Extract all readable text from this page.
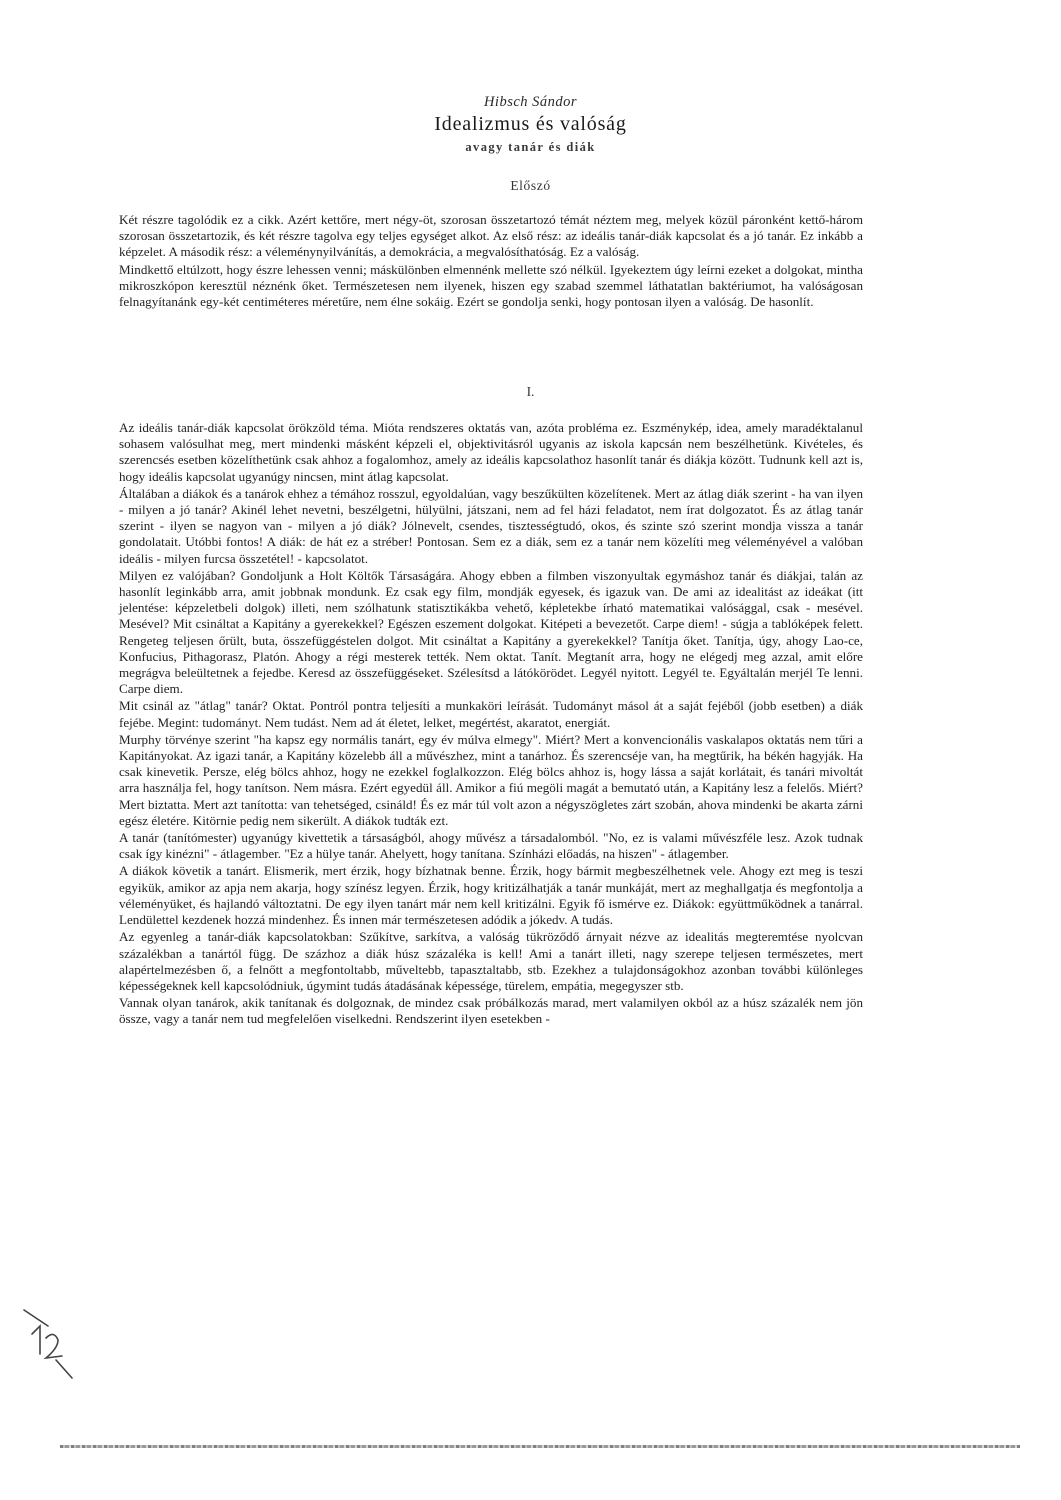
Hibsch Sándor
Idealizmus és valóság
avagy tanár és diák
Előszó

Két részre tagolódik ez a cikk. Azért kettőre, mert négy-öt, szorosan összetartozó témát néztem meg, melyek közül páronként kettő-három szorosan összetartozik, és két részre tagolva egy teljes egységet alkot. Az első rész: az ideális tanár-diák kapcsolat és a jó tanár. Ez inkább a képzelet. A második rész: a véleménynyilvánítás, a demokrácia, a megvalósíthatóság. Ez a valóság.

Mindkettő eltúlzott, hogy észre lehessen venni; máskülönben elmennénk mellette szó nélkül. Igyekeztem úgy leírni ezeket a dolgokat, mintha mikroszkópon keresztül néznénk őket. Természetesen nem ilyenek, hiszen egy szabad szemmel láthatatlan baktériumot, ha valóságosan felnagyítanánk egy-két centiméteres méretűre, nem élne sokáig. Ezért se gondolja senki, hogy pontosan ilyen a valóság. De hasonlít.

I.

Az ideális tanár-diák kapcsolat örökzöld téma. Mióta rendszeres oktatás van, azóta probléma ez. Eszménykép, idea, amely maradéktalanul sohasem valósulhat meg, mert mindenki másként képzeli el, objektivitásról ugyanis az iskola kapcsán nem beszélhetünk. Kivételes, és szerencsés esetben közelíthetünk csak ahhoz a fogalomhoz, amely az ideális kapcsolathoz hasonlít tanár és diákja között. Tudnunk kell azt is, hogy ideális kapcsolat ugyanúgy nincsen, mint átlag kapcsolat.

Általában a diákok és a tanárok ehhez a témához rosszul, egyoldalúan, vagy beszűkülten közelítenek. Mert az átlag diák szerint - ha van ilyen - milyen a jó tanár? Akinél lehet nevetni, beszélgetni, hülyülni, játszani, nem ad fel házi feladatot, nem írat dolgozatot. És az átlag tanár szerint - ilyen se nagyon van - milyen a jó diák? Jólnevelt, csendes, tisztességtudó, okos, és szinte szó szerint mondja vissza a tanár gondolatait. Utóbbi fontos! A diák: de hát ez a stréber! Pontosan. Sem ez a diák, sem ez a tanár nem közelíti meg véleményével a valóban ideális - milyen furcsa összetétel! - kapcsolatot.

Milyen ez valójában? Gondoljunk a Holt Költők Társaságára. Ahogy ebben a filmben viszonyultak egymáshoz tanár és diákjai, talán az hasonlít leginkább arra, amit jobbnak mondunk. Ez csak egy film, mondják egyesek, és igazuk van. De ami az idealitást az ideákat (itt jelentése: képzeletbeli dolgok) illeti, nem szólhatunk statisztikákba vehető, képletekbe írható matematikai valósággal, csak - mesével. Mesével? Mit csináltat a Kapitány a gyerekekkel? Egészen eszement dolgokat. Kitépeti a bevezetőt. Carpe diem! - súgja a tablóképek felett. Rengeteg teljesen őrült, buta, összefüggéstelen dolgot. Mit csináltat a Kapitány a gyerekekkel? Tanítja őket. Tanítja, úgy, ahogy Lao-ce, Konfucius, Pithagorasz, Platón. Ahogy a régi mesterek tették. Nem oktat. Tanít. Megtanít arra, hogy ne elégedj meg azzal, amit előre megrágva beleültetnek a fejedbe. Keresd az összefüggéseket. Szélesítsd a látókörödet. Legyél nyitott. Legyél te. Egyáltalán merjél Te lenni. Carpe diem.

Mit csinál az "átlag" tanár? Oktat. Pontról pontra teljesíti a munkaköri leírását. Tudományt másol át a saját fejéből (jobb esetben) a diák fejébe. Megint: tudományt. Nem tudást. Nem ad át életet, lelket, megértést, akaratot, energiát.

Murphy törvénye szerint "ha kapsz egy normális tanárt, egy év múlva elmegy". Miért? Mert a konvencionális vaskalapos oktatás nem tűri a Kapitányokat. Az igazi tanár, a Kapitány közelebb áll a művészhez, mint a tanárhoz. És szerencséje van, ha megtűrik, ha békén hagyják. Ha csak kinevetik. Persze, elég bölcs ahhoz, hogy ne ezekkel foglalkozzon. Elég bölcs ahhoz is, hogy lássa a saját korlátait, és tanári mivoltát arra használja fel, hogy tanítson. Nem másra. Ezért egyedül áll. Amikor a fiú megöli magát a bemutató után, a Kapitány lesz a felelős. Miért? Mert biztatta. Mert azt tanította: van tehetséged, csináld! És ez már túl volt azon a négyszögletes zárt szobán, ahova mindenki be akarta zárni egész életére. Kitörnie pedig nem sikerült. A diákok tudták ezt.

A tanár (tanítómester) ugyanúgy kivettetik a társaságból, ahogy művész a társadalomból. "No, ez is valami művészféle lesz. Azok tudnak csak így kinézni" - átlagember. "Ez a hülye tanár. Ahelyett, hogy tanítana. Színházi előadás, na hiszen" - átlagember.

A diákok követik a tanárt. Elismerik, mert érzik, hogy bízhatnak benne. Érzik, hogy bármit megbeszélhetnek vele. Ahogy ezt meg is teszi egyikük, amikor az apja nem akarja, hogy színész legyen. Érzik, hogy kritizálhatják a tanár munkáját, mert az meghallgatja és megfontolja a véleményüket, és hajlandó változtatni. De egy ilyen tanárt már nem kell kritizálni. Egyik fő ismérve ez. Diákok: együttműködnek a tanárral. Lendülettel kezdenek hozzá mindenhez. És innen már természetesen adódik a jókedv. A tudás.

Az egyenleg a tanár-diák kapcsolatokban: Szűkítve, sarkítva, a valóság tükröződő árnyait nézve az idealitás megteremtése nyolcvan százalékban a tanártól függ. De százhoz a diák húsz százaléka is kell! Ami a tanárt illeti, nagy szerepe teljesen természetes, mert alapértelmezésben ő, a felnőtt a megfontoltabb, műveltebb, tapasztaltabb, stb. Ezekhez a tulajdonságokhoz azonban további különleges képességeknek kell kapcsolódniuk, úgymint tudás átadásának képessége, türelem, empátia, megegyszer stb.

Vannak olyan tanárok, akik tanítanak és dolgoznak, de mindez csak próbálkozás marad, mert valamilyen okból az a húsz százalék nem jön össze, vagy a tanár nem tud megfelelően viselkedni. Rendszerint ilyen esetekben -
